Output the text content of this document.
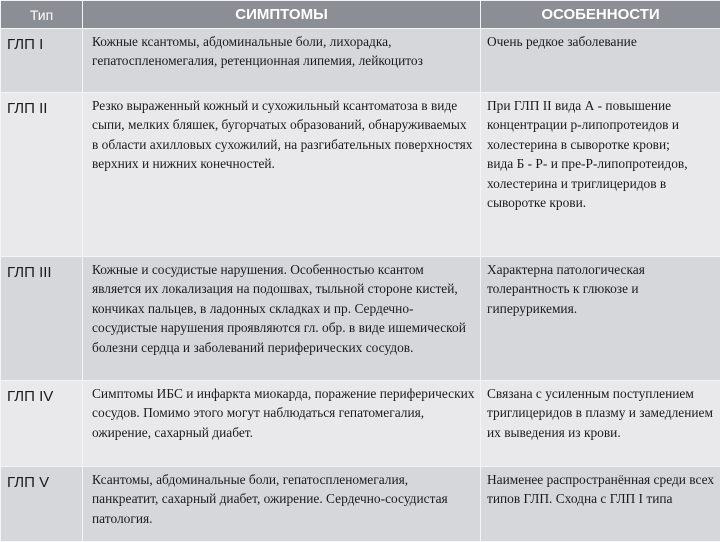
Тип	СИМПТОМЫ	ОСОБЕННОСТИ
ГЛП I	Кожные ксантомы, абдоминальные боли, лихорадка, гепатоспленомегалия, ретенционная липемия, лейкоцитоз	Очень редкое заболевание
ГЛП II	Резко выраженный кожный и сухожильный ксантоматоза в виде сыпи, мелких бляшек, бугорчатых образований, обнаруживаемых в области ахилловых сухожилий, на разгибательных поверхностях верхних и нижних конечностей.	При ГЛП II вида А - повышение концентрации р-липопротеидов и холестерина в сыворотке крови;
вида Б - Р- и пре-Р-липопротеидов, холестерина и триглицеридов в сыворотке крови.
ГЛП III	Кожные и сосудистые нарушения. Особенностью ксантом является их локализация на подошвах, тыльной стороне кистей, кончиках пальцев, в ладонных складках и пр. Сердечно-сосудистые нарушения проявляются гл. обр. в виде ишемической болезни сердца и заболеваний периферических сосудов.	Характерна патологическая толерантность к глюкозе и гиперурикемия.
ГЛП IV	Симптомы ИБС и инфаркта миокарда, поражение периферических сосудов. Помимо этого могут наблюдаться гепатомегалия, ожирение, сахарный диабет.	Связана с усиленным поступлением триглицеридов в плазму и замедлением их выведения из крови.
ГЛП V	Ксантомы, абдоминальные боли, гепатоспленомегалия, панкреатит, сахарный диабет, ожирение. Сердечно-сосудистая патология.	Наименее распространённая среди всех типов ГЛП. Сходна с ГЛП I типа
